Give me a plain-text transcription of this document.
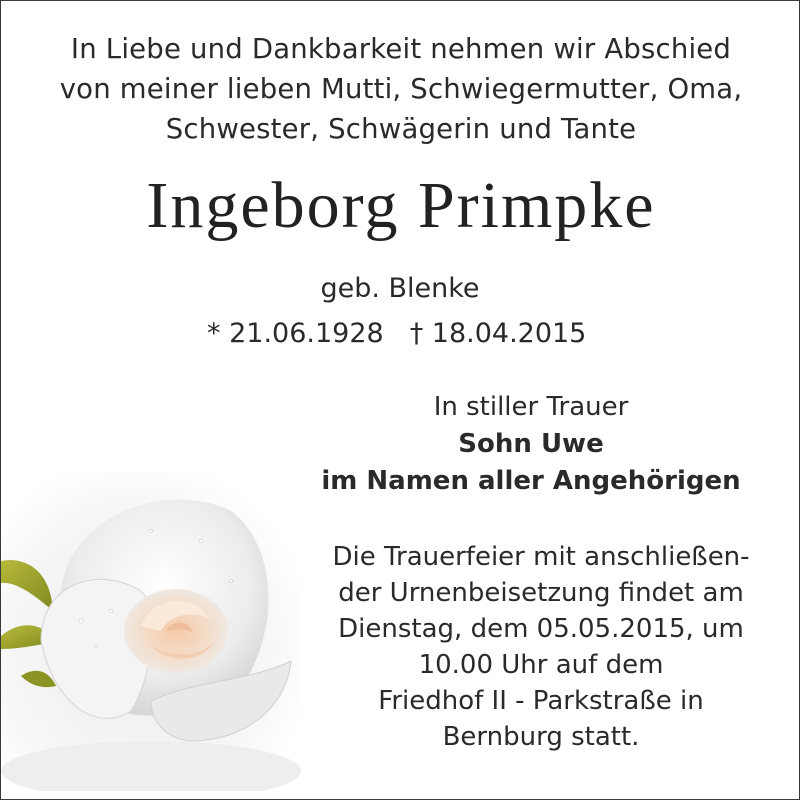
In Liebe und Dankbarkeit nehmen wir Abschied
von meiner lieben Mutti, Schwiegermutter, Oma,
Schwester, Schwägerin und Tante
Ingeborg Primpke
geb. Blenke
* 21.06.1928 † 18.04.2015
In stiller Trauer
Sohn Uwe
im Namen aller Angehörigen
Die Trauerfeier mit anschließen-
der Urnenbeisetzung findet am
Dienstag, dem 05.05.2015, um
10.00 Uhr auf dem
Friedhof II - Parkstraße in
Bernburg statt.
